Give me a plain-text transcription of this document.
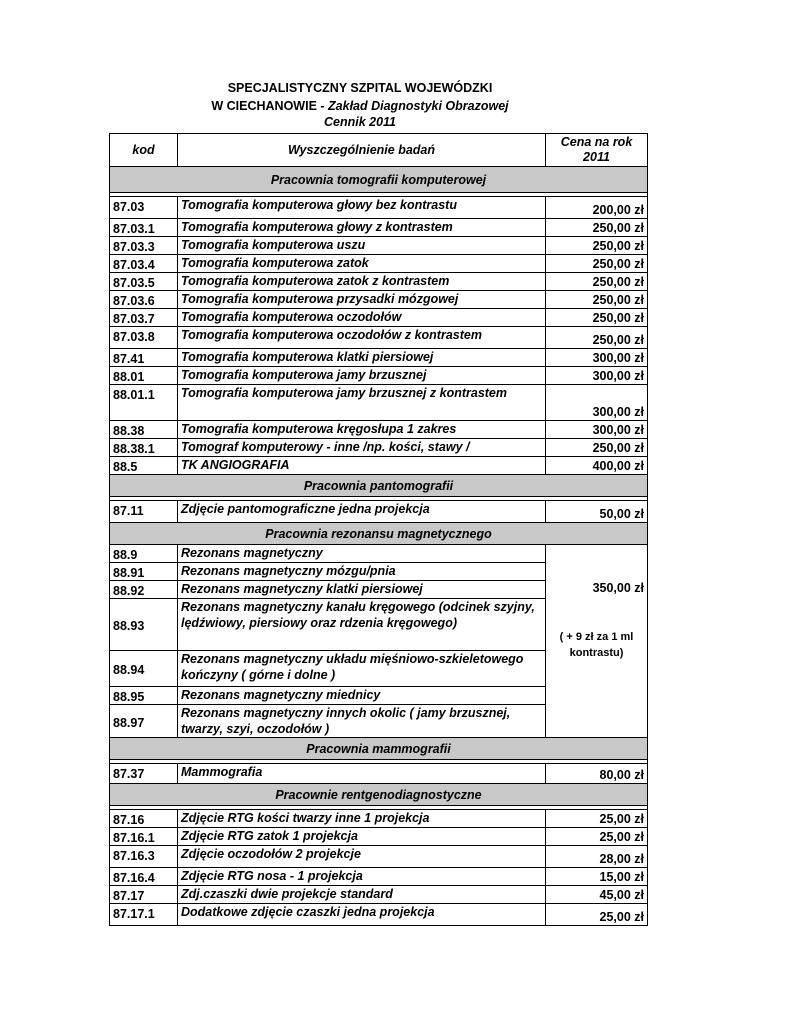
SPECJALISTYCZNY SZPITAL WOJEWÓDZKI
W CIECHANOWIE - Zakład Diagnostyki Obrazowej
Cennik 2011
kod	Wyszczególnienie badań	Cena na rok 2011
Pracownia tomografii komputerowej		

87.03	Tomografia komputerowa głowy bez kontrastu	200,00 zł
87.03.1	Tomografia komputerowa głowy z kontrastem	250,00 zł
87.03.3	Tomografia komputerowa uszu	250,00 zł
87.03.4	Tomografia komputerowa zatok	250,00 zł
87.03.5	Tomografia komputerowa zatok z kontrastem	250,00 zł
87.03.6	Tomografia komputerowa przysadki mózgowej	250,00 zł
87.03.7	Tomografia komputerowa oczodołów	250,00 zł
87.03.8	Tomografia komputerowa oczodołów z kontrastem	250,00 zł
87.41	Tomografia komputerowa klatki piersiowej	300,00 zł
88.01	Tomografia komputerowa jamy brzusznej	300,00 zł
88.01.1	Tomografia komputerowa jamy brzusznej z kontrastem	300,00 zł
88.38	Tomografia komputerowa kręgosłupa 1 zakres	300,00 zł
88.38.1	Tomograf komputerowy - inne /np. kości, stawy /	250,00 zł
88.5	TK ANGIOGRAFIA	400,00 zł
Pracownia pantomografii		

87.11	Zdjęcie pantomograficzne jedna projekcja	50,00 zł
Pracownia rezonansu magnetycznego		
88.9	Rezonans magnetyczny	350,00 zł
( + 9 zł za 1 ml kontrastu)

88.91	Rezonans magnetyczny mózgu/pnia	
88.92	Rezonans magnetyczny klatki piersiowej	
88.93	Rezonans magnetyczny kanału kręgowego (odcinek szyjny, lędźwiowy, piersiowy oraz rdzenia kręgowego)	
88.94	Rezonans magnetyczny układu mięśniowo-szkieletowego kończyny ( górne i dolne )	
88.95	Rezonans magnetyczny miednicy	
88.97	Rezonans magnetyczny innych okolic ( jamy brzusznej, twarzy, szyi, oczodołów )	
Pracownia mammografii		

87.37	Mammografia	80,00 zł
Pracownie rentgenodiagnostyczne		

87.16	Zdjęcie RTG kości twarzy inne 1 projekcja	25,00 zł
87.16.1	Zdjęcie RTG zatok 1 projekcja	25,00 zł
87.16.3	Zdjęcie oczodołów 2 projekcje	28,00 zł
87.16.4	Zdjęcie RTG nosa - 1 projekcja	15,00 zł
87.17	Zdj.czaszki dwie projekcje standard	45,00 zł
87.17.1	Dodatkowe zdjęcie czaszki jedna projekcja	25,00 zł
